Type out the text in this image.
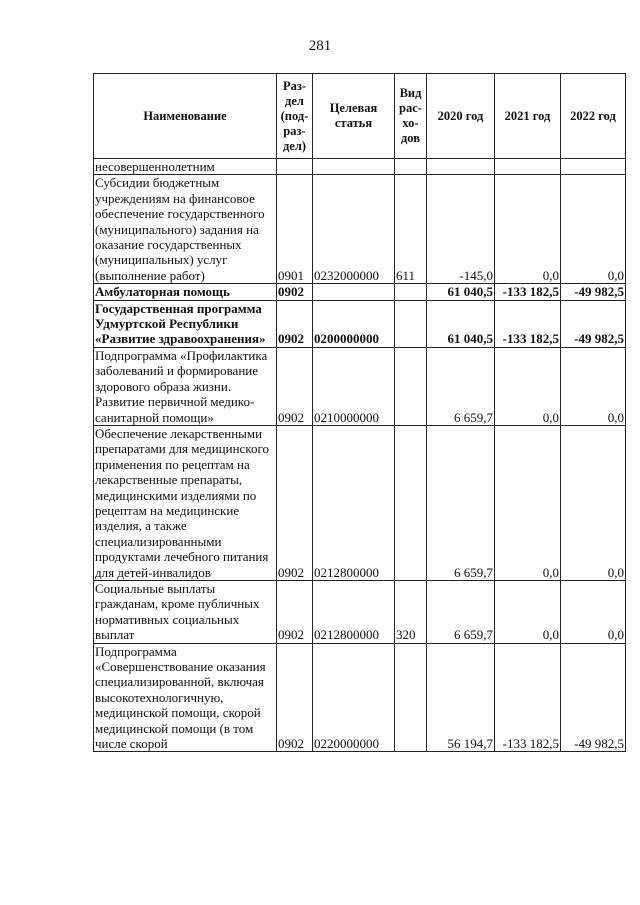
281
Наименование	Раз-дел (под-раз-дел)	Целевая статья	Вид рас-хо-дов	2020 год	2021 год	2022 год
несовершеннолетним						
Субсидии бюджетным учреждениям на финансовое обеспечение государственного (муниципального) задания на оказание государственных (муниципальных) услуг (выполнение работ)	0901	0232000000	611	-145,0	0,0	0,0
Амбулаторная помощь	0902			61 040,5	-133 182,5	-49 982,5
Государственная программа Удмуртской Республики «Развитие здравоохранения»	0902	0200000000		61 040,5	-133 182,5	-49 982,5
Подпрограмма «Профилактика заболеваний и формирование здорового образа жизни. Развитие первичной медико-санитарной помощи»	0902	0210000000		6 659,7	0,0	0,0
Обеспечение лекарственными препаратами для медицинского применения по рецептам на лекарственные препараты, медицинскими изделиями по рецептам на медицинские изделия, а также специализированными продуктами лечебного питания для детей-инвалидов	0902	0212800000		6 659,7	0,0	0,0
Социальные выплаты гражданам, кроме публичных нормативных социальных выплат	0902	0212800000	320	6 659,7	0,0	0,0
Подпрограмма «Совершенствование оказания специализированной, включая высокотехнологичную, медицинской помощи, скорой медицинской помощи (в том числе скорой	0902	0220000000		56 194,7	-133 182,5	-49 982,5
